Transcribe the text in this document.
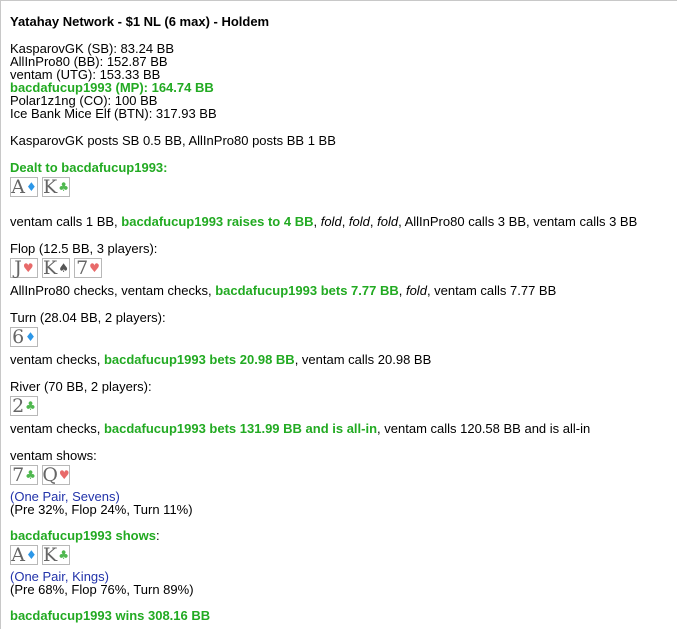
Yatahay Network - $1 NL (6 max) - Holdem
KasparovGK (SB): 83.24 BB
AllInPro80 (BB): 152.87 BB
ventam (UTG): 153.33 BB
bacdafucup1993 (MP): 164.74 BB
Polar1z1ng (CO): 100 BB
Ice Bank Mice Elf (BTN): 317.93 BB
KasparovGK posts SB 0.5 BB, AllInPro80 posts BB 1 BB
Dealt to bacdafucup1993:
A ♦ K ♣
ventam calls 1 BB, bacdafucup1993 raises to 4 BB, fold, fold, fold, AllInPro80 calls 3 BB, ventam calls 3 BB
Flop (12.5 BB, 3 players):
J ♥ K ♠ 7 ♥
AllInPro80 checks, ventam checks, bacdafucup1993 bets 7.77 BB, fold, ventam calls 7.77 BB
Turn (28.04 BB, 2 players):
6 ♦
ventam checks, bacdafucup1993 bets 20.98 BB, ventam calls 20.98 BB
River (70 BB, 2 players):
2 ♣
ventam checks, bacdafucup1993 bets 131.99 BB and is all-in, ventam calls 120.58 BB and is all-in
ventam shows:
7 ♣ Q ♥
(One Pair, Sevens)
(Pre 32%, Flop 24%, Turn 11%)
bacdafucup1993 shows:
A ♦ K ♣
(One Pair, Kings)
(Pre 68%, Flop 76%, Turn 89%)
bacdafucup1993 wins 308.16 BB
